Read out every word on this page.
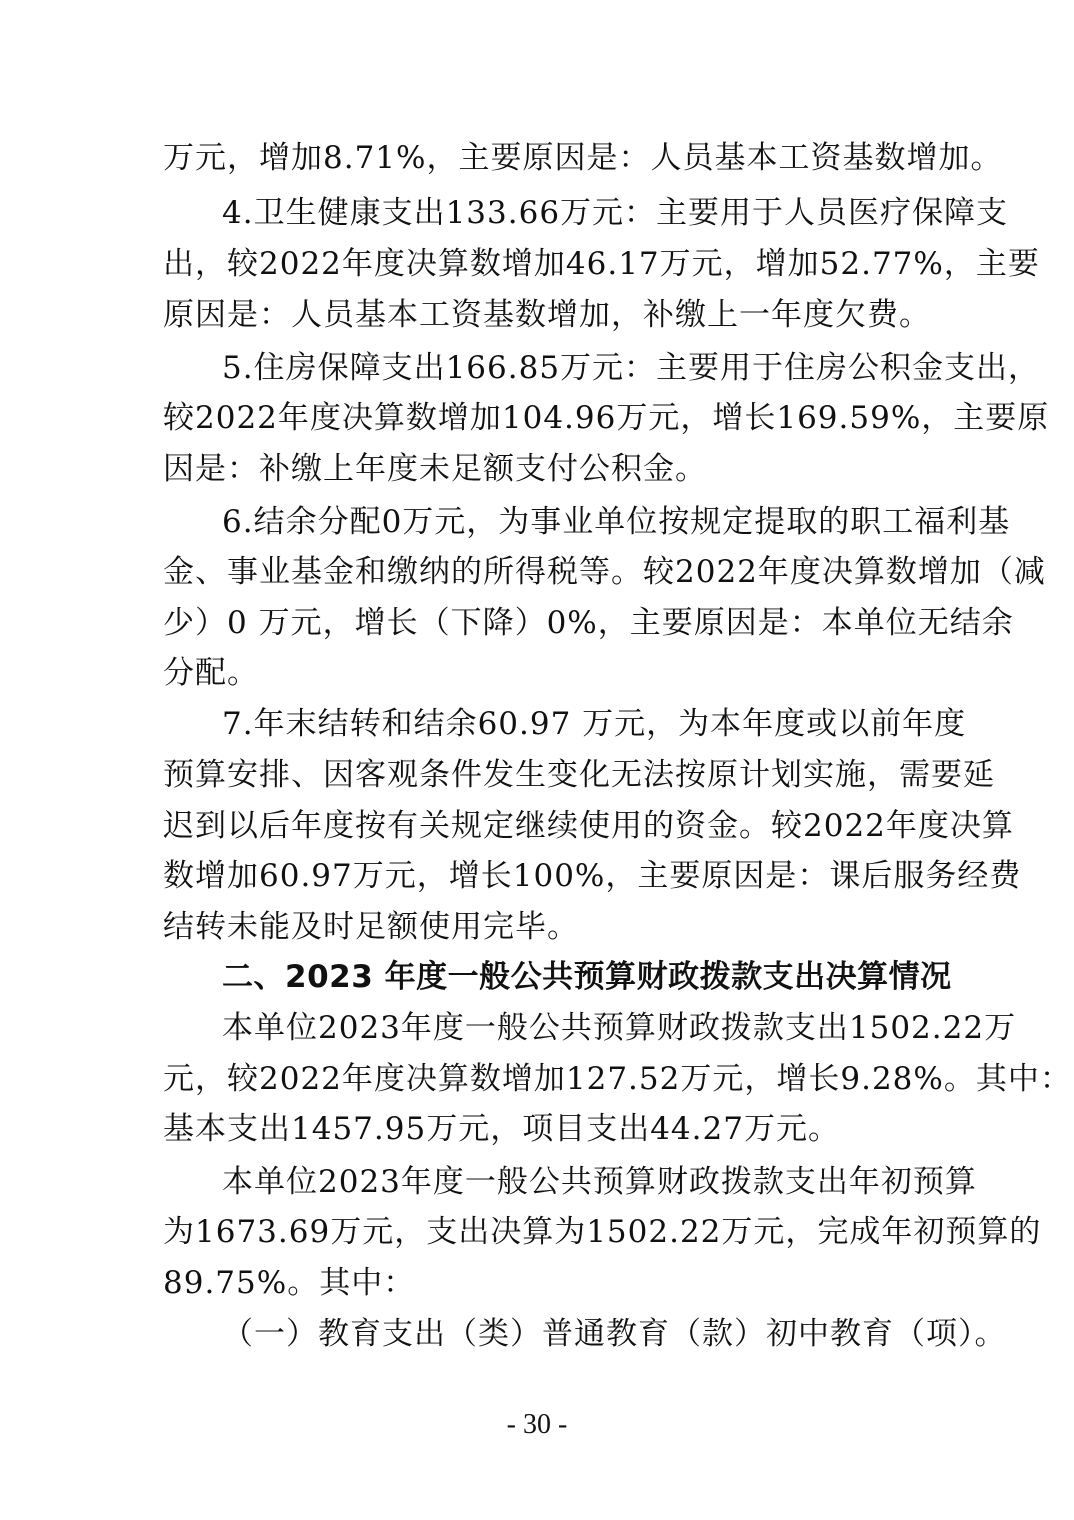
万元，增加8.71%，主要原因是：人员基本工资基数增加。
4.卫生健康支出133.66万元：主要用于人员医疗保障支
出，较2022年度决算数增加46.17万元，增加52.77%，主要
原因是：人员基本工资基数增加，补缴上一年度欠费。
5.住房保障支出166.85万元：主要用于住房公积金支出，
较2022年度决算数增加104.96万元，增长169.59%，主要原
因是：补缴上年度未足额支付公积金。
6.结余分配0万元，为事业单位按规定提取的职工福利基
金、事业基金和缴纳的所得税等。较2022年度决算数增加（减
少）0 万元，增长（下降）0%，主要原因是：本单位无结余
分配。
7.年末结转和结余60.97 万元，为本年度或以前年度
预算安排、因客观条件发生变化无法按原计划实施，需要延
迟到以后年度按有关规定继续使用的资金。较2022年度决算
数增加60.97万元，增长100%，主要原因是：课后服务经费
结转未能及时足额使用完毕。
二、2023 年度一般公共预算财政拨款支出决算情况
本单位2023年度一般公共预算财政拨款支出1502.22万
元，较2022年度决算数增加127.52万元，增长9.28%。其中：
基本支出1457.95万元，项目支出44.27万元。
本单位2023年度一般公共预算财政拨款支出年初预算
为1673.69万元，支出决算为1502.22万元，完成年初预算的
89.75%。其中：
（一）教育支出（类）普通教育（款）初中教育（项）。
- 30 -
